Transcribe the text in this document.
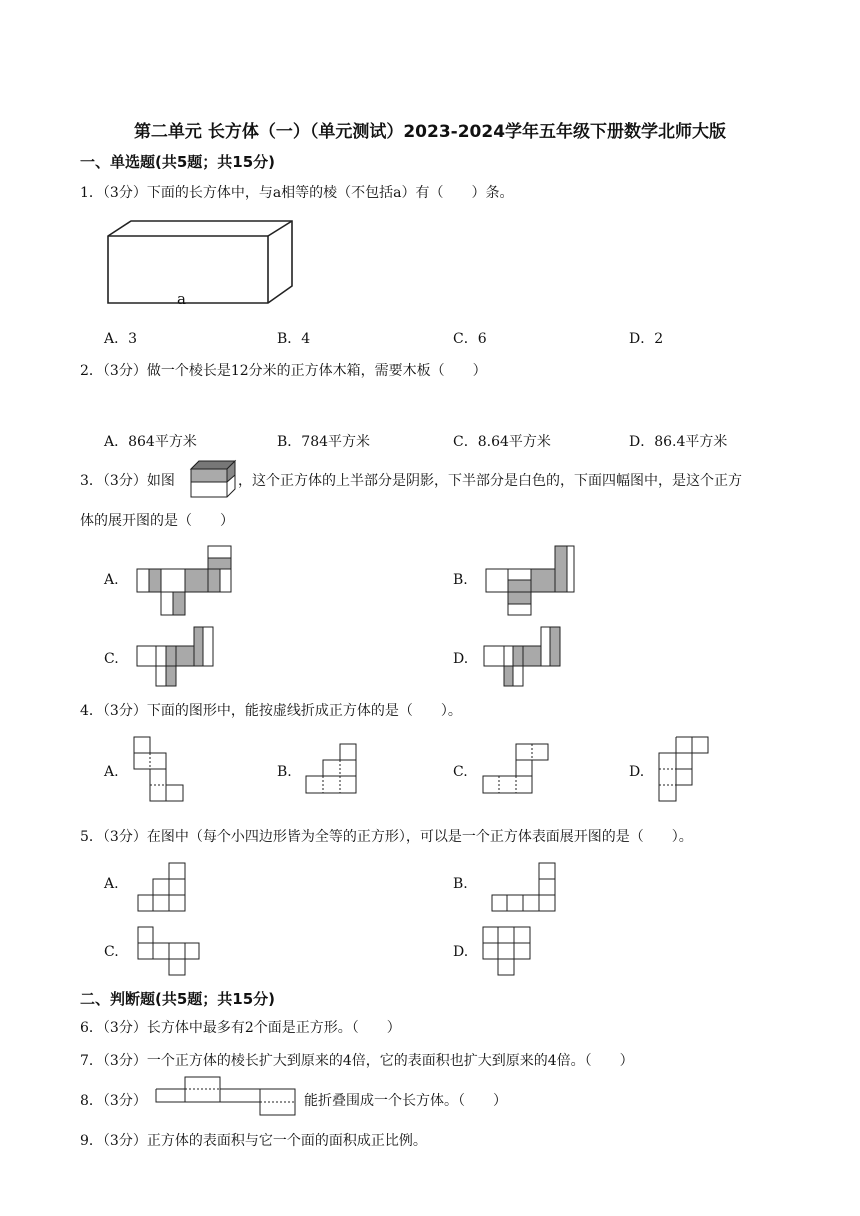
第二单元 长方体（一）（单元测试）2023-2024学年五年级下册数学北师大版
一、单选题(共5题；共15分)
1．（3分）下面的长方体中，与a相等的棱（不包括a）有（　　）条。
a
A．3	B．4	C．6	D．2
2．（3分）做一个棱长是12分米的正方体木箱，需要木板（　　）
A．864平方米	B．784平方米	C．8.64平方米	D．86.4平方米
3．（3分）如图	，这个正方体的上半部分是阴影，下半部分是白色的，下面四幅图中，是这个正方
体的展开图的是（　　）
A.	B.
C.	D.
4．（3分）下面的图形中，能按虚线折成正方体的是（　　）。
A.	B.	C.	D.
5．（3分）在图中（每个小四边形皆为全等的正方形），可以是一个正方体表面展开图的是（　　）。
A.	B.
C.	D.
二、判断题(共5题；共15分)
6．（3分）长方体中最多有2个面是正方形。（　　）
7．（3分）一个正方体的棱长扩大到原来的4倍，它的表面积也扩大到原来的4倍。（　　）
8．（3分）	能折叠围成一个长方体。（　　）
9．（3分）正方体的表面积与它一个面的面积成正比例。
